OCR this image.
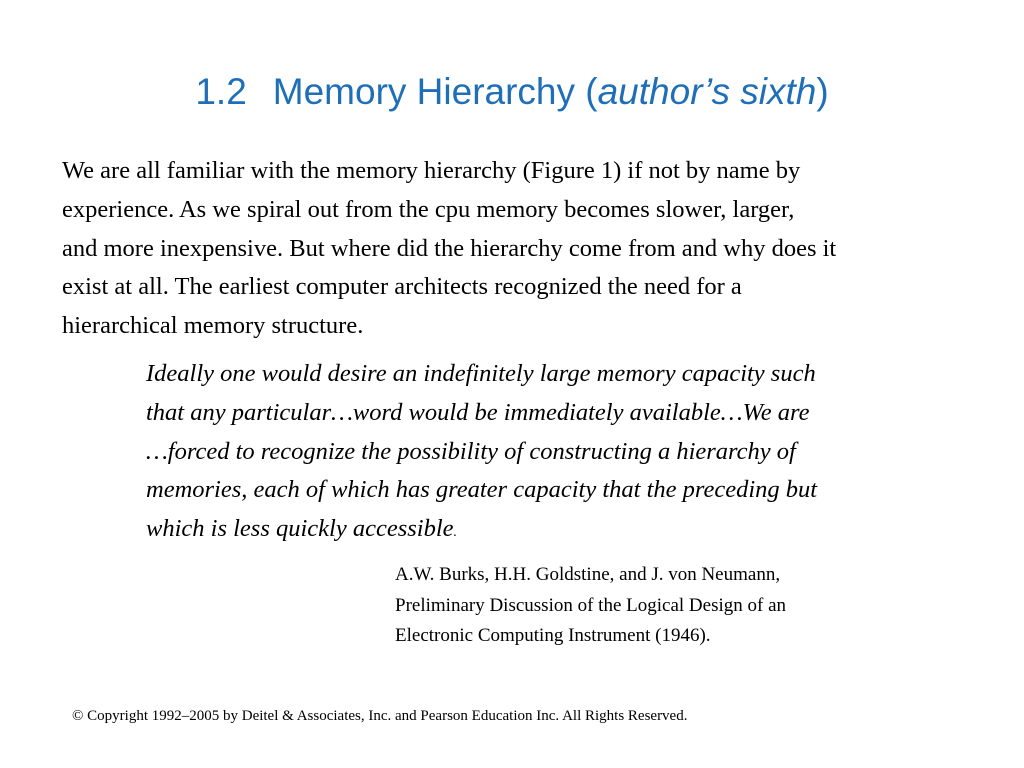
1.2 Memory Hierarchy (author’s sixth)
We are all familiar with the memory hierarchy (Figure 1) if not by name by
experience. As we spiral out from the cpu memory becomes slower, larger,
and more inexpensive. But where did the hierarchy come from and why does it
exist at all. The earliest computer architects recognized the need for a
hierarchical memory structure.
Ideally one would desire an indefinitely large memory capacity such
that any particular…word would be immediately available…We are
…forced to recognize the possibility of constructing a hierarchy of
memories, each of which has greater capacity that the preceding but
which is less quickly accessible.
A.W. Burks, H.H. Goldstine, and J. von Neumann,
Preliminary Discussion of the Logical Design of an
Electronic Computing Instrument (1946).
© Copyright 1992–2005 by Deitel & Associates, Inc. and Pearson Education Inc. All Rights Reserved.
